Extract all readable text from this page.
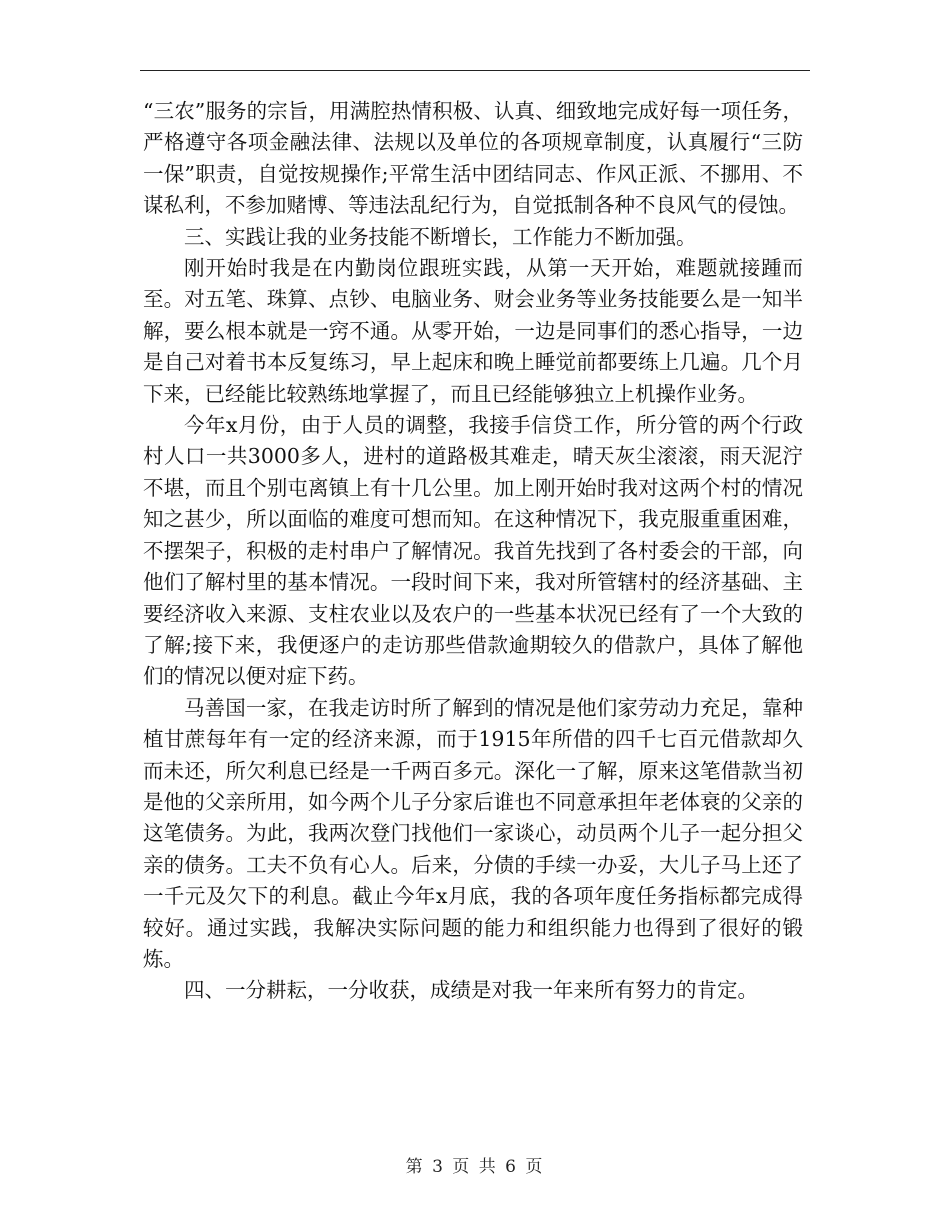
“三农”服务的宗旨，用满腔热情积极、认真、细致地完成好每一项任务，严格遵守各项金融法律、法规以及单位的各项规章制度，认真履行“三防一保”职责，自觉按规操作;平常生活中团结同志、作风正派、不挪用、不谋私利，不参加赌博、等违法乱纪行为，自觉抵制各种不良风气的侵蚀。

三、实践让我的业务技能不断增长，工作能力不断加强。

刚开始时我是在内勤岗位跟班实践，从第一天开始，难题就接踵而至。对五笔、珠算、点钞、电脑业务、财会业务等业务技能要么是一知半解，要么根本就是一窍不通。从零开始，一边是同事们的悉心指导，一边是自己对着书本反复练习，早上起床和晚上睡觉前都要练上几遍。几个月下来，已经能比较熟练地掌握了，而且已经能够独立上机操作业务。

今年x月份，由于人员的调整，我接手信贷工作，所分管的两个行政村人口一共3000多人，进村的道路极其难走，晴天灰尘滚滚，雨天泥泞不堪，而且个别屯离镇上有十几公里。加上刚开始时我对这两个村的情况知之甚少，所以面临的难度可想而知。在这种情况下，我克服重重困难，不摆架子，积极的走村串户了解情况。我首先找到了各村委会的干部，向他们了解村里的基本情况。一段时间下来，我对所管辖村的经济基础、主要经济收入来源、支柱农业以及农户的一些基本状况已经有了一个大致的了解;接下来，我便逐户的走访那些借款逾期较久的借款户，具体了解他们的情况以便对症下药。

马善国一家，在我走访时所了解到的情况是他们家劳动力充足，靠种植甘蔗每年有一定的经济来源，而于1915年所借的四千七百元借款却久而未还，所欠利息已经是一千两百多元。深化一了解，原来这笔借款当初是他的父亲所用，如今两个儿子分家后谁也不同意承担年老体衰的父亲的这笔债务。为此，我两次登门找他们一家谈心，动员两个儿子一起分担父亲的债务。工夫不负有心人。后来，分债的手续一办妥，大儿子马上还了一千元及欠下的利息。截止今年x月底，我的各项年度任务指标都完成得较好。通过实践，我解决实际问题的能力和组织能力也得到了很好的锻炼。

四、一分耕耘，一分收获，成绩是对我一年来所有努力的肯定。

第 3 页 共 6 页
